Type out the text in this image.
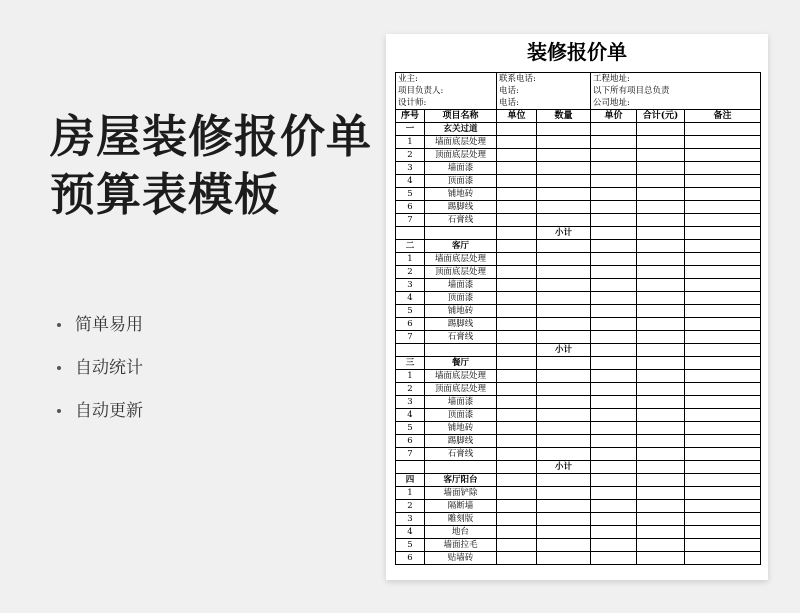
房屋装修报价单
预算表模板
简单易用
自动统计
自动更新
装修报价单
业主:		联系电话:		工程地址:		
项目负责人:		电话:		以下所有项目总负责		
设计师:		电话:		公司地址:		
序号	项目名称	单位	数量	单价	合计(元)	备注
一	玄关过道					
1	墙面底层处理					
2	顶面底层处理					
3	墙面漆					
4	顶面漆					
5	铺地砖					
6	踢脚线					
7	石膏线					
			小计			
二	客厅					
1	墙面底层处理					
2	顶面底层处理					
3	墙面漆					
4	顶面漆					
5	铺地砖					
6	踢脚线					
7	石膏线					
			小计			
三	餐厅					
1	墙面底层处理					
2	顶面底层处理					
3	墙面漆					
4	顶面漆					
5	铺地砖					
6	踢脚线					
7	石膏线					
			小计			
四	客厅阳台					
1	墙面铲除					
2	隔断墙					
3	雕刻版					
4	地台					
5	墙面拉毛					
6	贴墙砖					
